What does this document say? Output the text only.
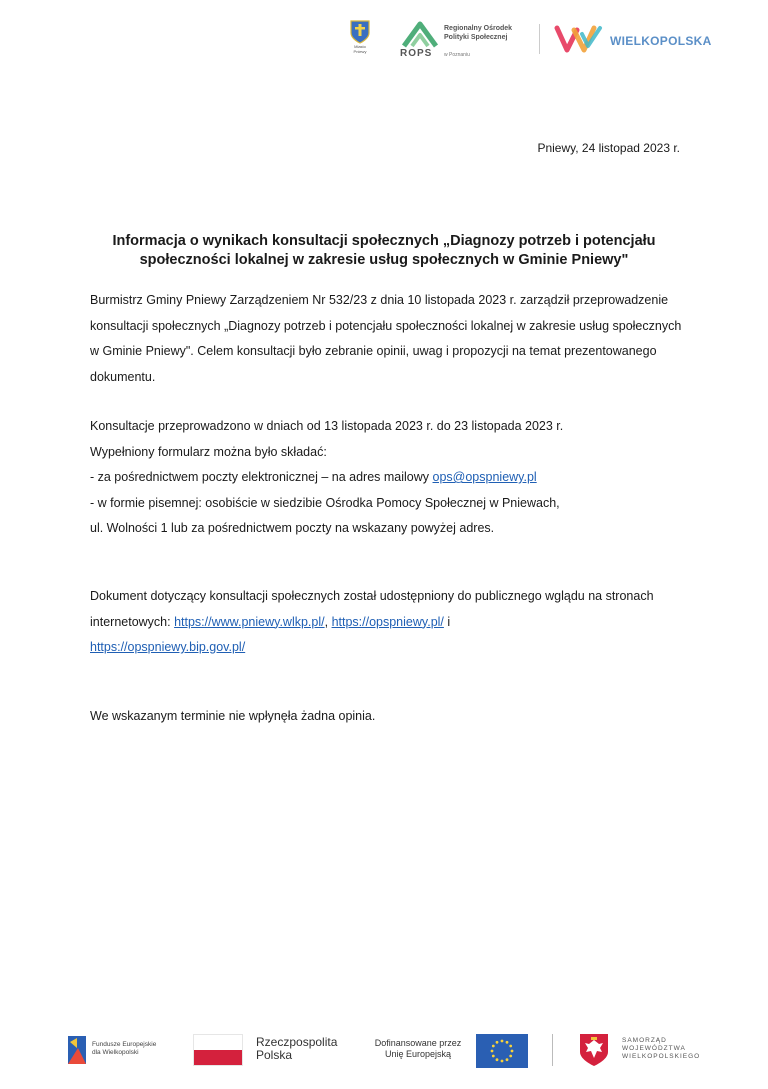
Miasto
Pniewy	ROPS
Regionalny Ośrodek
Polityki Społecznej
w Poznaniu
WIELKOPOLSKA
Pniewy, 24 listopad 2023 r.
Informacja o wynikach konsultacji społecznych „Diagnozy potrzeb i potencjału
społeczności lokalnej w zakresie usług społecznych w Gminie Pniewy"

Burmistrz Gminy Pniewy Zarządzeniem Nr 532/23 z dnia 10 listopada 2023 r. zarządził przeprowadzenie konsultacji społecznych „Diagnozy potrzeb i potencjału społeczności lokalnej w zakresie usług społecznych w Gminie Pniewy". Celem konsultacji było zebranie opinii, uwag i propozycji na temat prezentowanego dokumentu.

Konsultacje przeprowadzono w dniach od 13 listopada 2023 r. do 23 listopada 2023 r.
Wypełniony formularz można było składać:
- za pośrednictwem poczty elektronicznej – na adres mailowy ops@opspniewy.pl
- w formie pisemnej: osobiście w siedzibie Ośrodka Pomocy Społecznej w Pniewach,
ul. Wolności 1 lub za pośrednictwem poczty na wskazany powyżej adres.

Dokument dotyczący konsultacji społecznych został udostępniony do publicznego wglądu na stronach internetowych: https://www.pniewy.wlkp.pl/, https://opspniewy.pl/ i
https://opspniewy.bip.gov.pl/

We wskazanym terminie nie wpłynęła żadna opinia.

Fundusze Europejskie
dla Wielkopolski
Rzeczpospolita
Polska
Dofinansowane przez
Unię Europejską
SAMORZĄD
WOJEWÓDZTWA
WIELKOPOLSKIEGO
